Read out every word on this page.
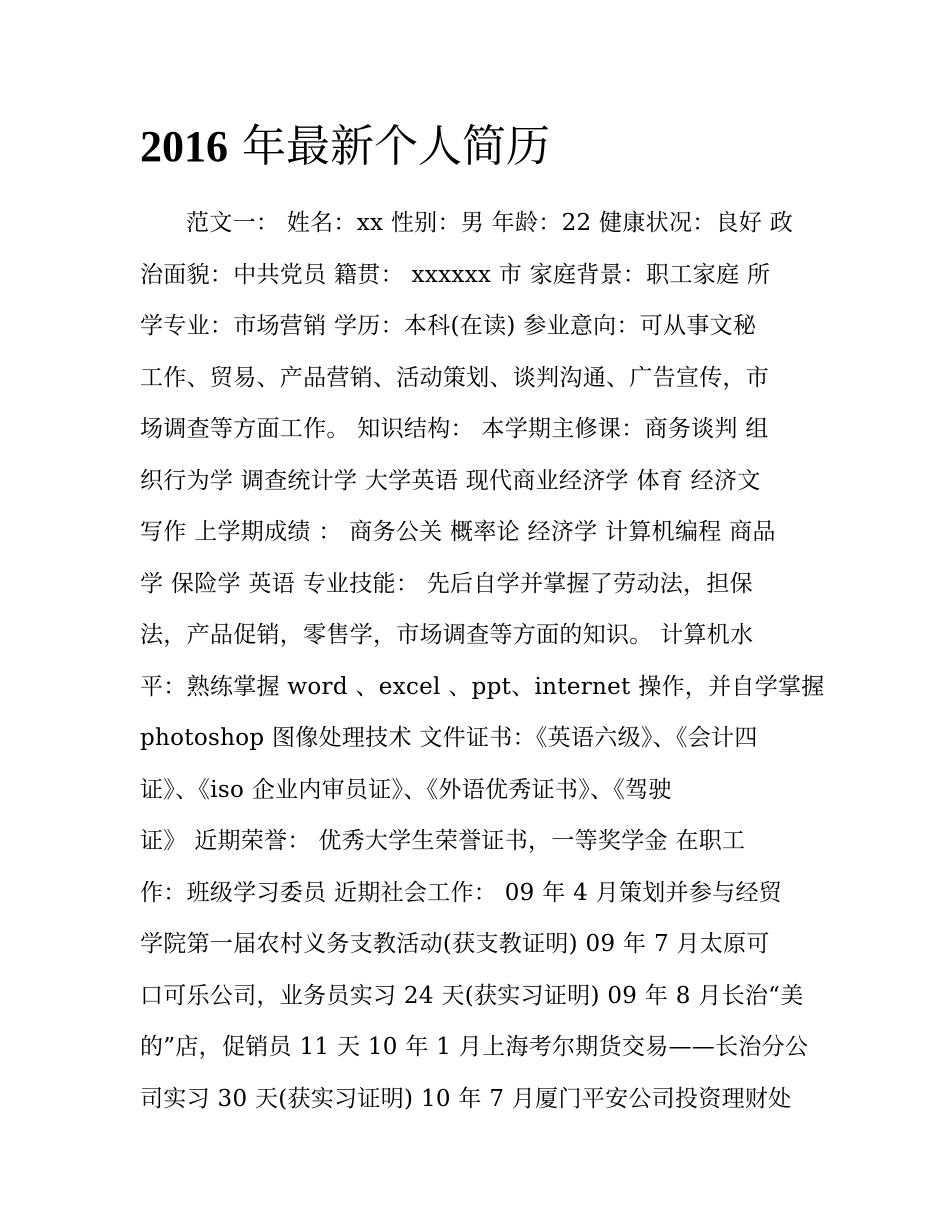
2016 年最新个人简历
范文一： 姓名：xx 性别：男 年龄：22 健康状况：良好 政
治面貌：中共党员 籍贯： xxxxxx 市 家庭背景：职工家庭 所
学专业：市场营销 学历：本科(在读) 参业意向：可从事文秘
工作、贸易、产品营销、活动策划、谈判沟通、广告宣传，市
场调查等方面工作。 知识结构： 本学期主修课：商务谈判 组
织行为学 调查统计学 大学英语 现代商业经济学 体育 经济文
写作 上学期成绩 ： 商务公关 概率论 经济学 计算机编程 商品
学 保险学 英语 专业技能： 先后自学并掌握了劳动法，担保
法，产品促销，零售学，市场调查等方面的知识。 计算机水
平：熟练掌握 word 、excel 、ppt、internet 操作，并自学掌握
photoshop 图像处理技术 文件证书：《英语六级》、《会计四
证》、《iso 企业内审员证》、《外语优秀证书》、《驾驶
证》 近期荣誉： 优秀大学生荣誉证书，一等奖学金 在职工
作：班级学习委员 近期社会工作： 09 年 4 月策划并参与经贸
学院第一届农村义务支教活动(获支教证明) 09 年 7 月太原可
口可乐公司，业务员实习 24 天(获实习证明) 09 年 8 月长治“美
的”店，促销员 11 天 10 年 1 月上海考尔期货交易——长治分公
司实习 30 天(获实习证明) 10 年 7 月厦门平安公司投资理财处
